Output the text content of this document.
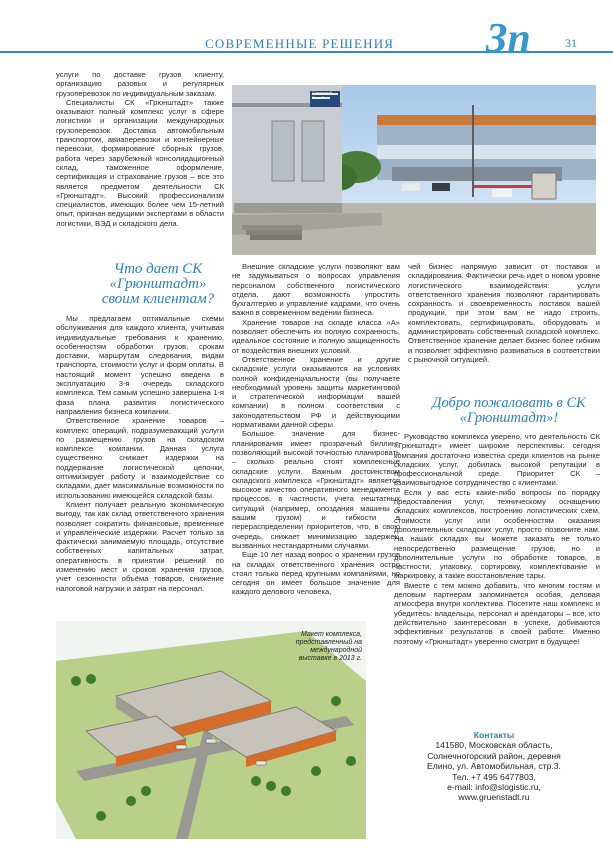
СОВРЕМЕННЫЕ РЕШЕНИЯ Зп	31

услуги по доставке грузов клиенту, организацию разовых и регулярных грузоперевозок по индивидуальным заказам.

Специалисты СК «Грюнштадт» также оказывают полный комплекс услуг в сфере логистики и организации международных грузоперевозок. Доставка автомобильным транспортом, авиаперевозки и контейнерные перевозки, формирование сборных грузов, работа через зарубежный консолидационный склад, таможенное оформление, сертификация и страхование грузов – все это является предметом деятельности СК «Грюнштадт». Высокий профессионализм специалистов, имеющих более чем 15-летний опыт, признан ведущими экспертами в области логистики, ВЭД и складского дела.

Что дает СК «Грюнштадт» своим клиентам?

Мы предлагаем оптимальные схемы обслуживания для каждого клиента, учитывая индивидуальные требования к хранению, особенностям обработки грузов, срокам доставки, маршрутам следования, видам транспорта, стоимости услуг и форм оплаты. В настоящий момент успешно введена в эксплуатацию 3-я очередь складского комплекса. Тем самым успешно завершена 1-я фаза плана развития логистического направления бизнеса компании.

Ответственное хранение товаров – комплекс операций, подразумевающий услуги по размещению грузов на складском комплексе компании. Данная услуга существенно снижает издержки на поддержание логистической цепочки, оптимизирует работу и взаимодействие со складами, дает максимальные возможности по использованию имеющейся складской базы.

Клиент получает реальную экономическую выгоду, так как склад ответственного хранения позволяет сократить финансовые, временные и управленческие издержки. Расчет только за фактически занимаемую площадь, отсутствие собственных капитальных затрат, оперативность в принятии решений по изменению мест и сроков хранения грузов, учет сезонности объёма товаров, снижение налоговой нагрузки и затрат на персонал.

Складской блок 3

Внешние складские услуги позволяют вам не задумываться о вопросах управления персоналом собственного логистического отдела, дают возможность упростить бухгалтерию и управление кадрами, что очень важно в современном ведении бизнеса.

Хранение товаров на складе класса «А» позволяет обеспечить их полную сохранность, идеальное состояние и полную защищенность от воздействия внешних условий.

Ответственное хранение и другие складские услуги оказываются на условиях полной конфиденциальности (вы получаете необходимый уровень защиты маркетинговой и стратегической информации вашей компании) в полном соответствии с законодательством РФ и действующими нормативами данной сферы.

Большое значение для бизнес-планирования имеет прозрачный биллинг, позволяющий высокой точностью планировать – сколько реально стоят комплексные складские услуги. Важным достоинством складского комплекса «Грюнштадт» является высокое качество оперативного менеджмента процессов, в частности, учета нештатных ситуаций (например, опоздания машины с вашим грузом) и гибкости в перераспределении приоритетов, что, в свою очередь, снижает минимизацию задержек, вызванных нестандартными случаями.

Еще 10 лет назад вопрос о хранении грузов на складах ответственного хранения остро стоял только перед крупными компаниями, но сегодня он имеет большое значение для каждого делового человека,

чей бизнес напрямую зависит от поставок и складирования. Фактически речь идет о новом уровне логистического взаимодействия: услуги ответственного хранения позволяют гарантировать сохранность и своевременность поставок вашей продукции, при этом вам не надо строить, комплектовать, сертифицировать, оборудовать и администрировать собственный складской комплекс. Ответственное хранение делает бизнес более гибким и позволяет эффективно развиваться в соответствии с рыночной ситуацией.

Добро пожаловать в СК «Грюнштадт»!

Руководство комплекса уверено, что деятельность СК «Грюнштадт» имеет широкие перспективы: сегодня компания достаточно известна среди клиентов на рынке складских услуг, добилась высокой репутации в профессиональной среде. Приоритет СК – взаимовыгодное сотрудничество с клиентами.

Если у вас есть какие-либо вопросы по порядку предоставления услуг, техническому оснащению складских комплексов, построению логистических схем, стоимости услуг или особенностям оказания дополнительных складских услуг, просто позвоните нам. На наших складах вы можете заказать не только непосредственно размещение грузов, но и дополнительные услуги по обработке товаров, в частности, упаковку, сортировку, комплектование и маркировку, а также восстановление тары.

Вместе с тем можно добавить, что многим гостям и деловым партнерам запоминается особая, деловая атмосфера внутри коллектива. Посетите наш комплекс и убедитесь: владельцы, персонал и арендаторы – все, кто действительно заинтересован в успехе, добиваются эффективных результатов в своей работе. Именно поэтому «Грюнштадт» уверенно смотрит в будущее!

Макет комплекса, представленный на международной выставке в 2013 г.
Контакты
141580, Московская область,
Солнечногорский район, деревня
Елино, ул. Автомобильная, стр.3.
Тел. +7 495 6477803,
e-mail: info@slogistic.ru,
www.gruenstadt.ru
